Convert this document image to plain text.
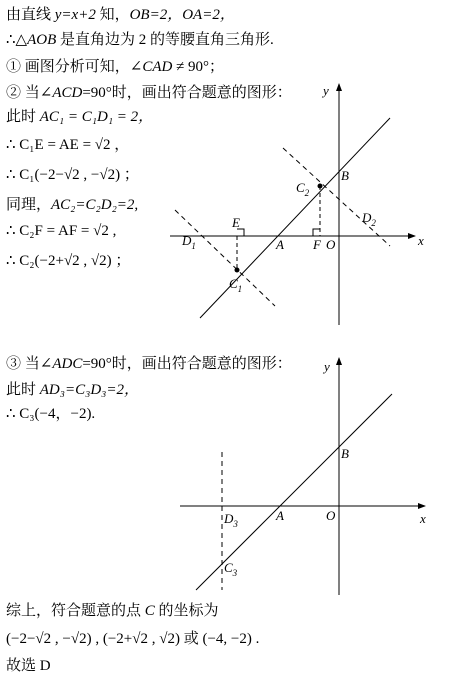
由直线 y=x+2 知，OB=2，OA=2，
∴△AOB 是直角边为 2 的等腰直角三角形.
① 画图分析可知，∠CAD ≠ 90°；
② 当∠ACD=90°时，画出符合题意的图形：
此时 AC₁ = C₁D₁ = 2，
∴ C₁E = AE = √2 ，
∴ C₁(−2−√2 , −√2) ；
同理，AC₂=C₂D₂=2,
∴ C₂F = AF = √2 ,
∴ C₂(−2+√2 , √2) ；
③ 当∠ADC=90°时，画出符合题意的图形：
此时 AD₃=C₃D₃=2，
∴ C₃(−4，−2).
综上，符合题意的点 C 的坐标为
(−2−√2 , −√2) , (−2+√2 , √2) 或 (−4, −2) .
故选 D
y
x
B
O
A F
E
$C_2$
$C_1$
$D_1$
$D_2$
y
x
B
O
A
$D_3$
$C_3$
